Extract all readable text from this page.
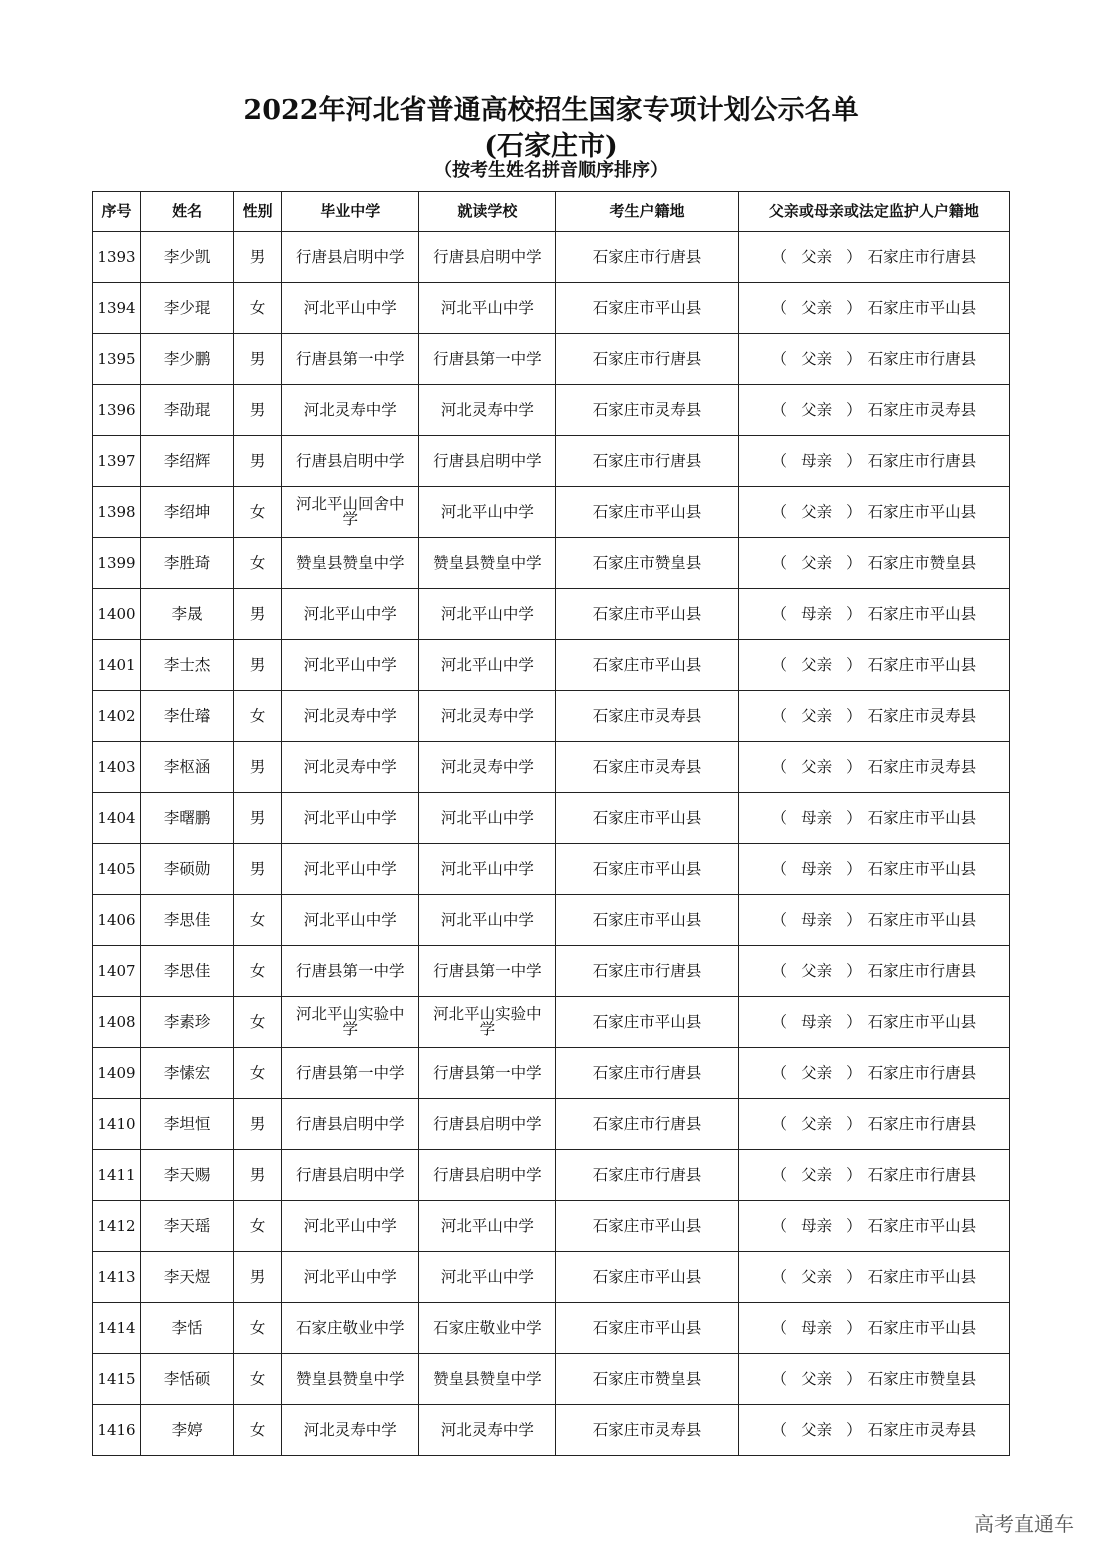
2022年河北省普通高校招生国家专项计划公示名单
(石家庄市)
（按考生姓名拼音顺序排序）
序号	姓名	性别	毕业中学	就读学校	考生户籍地	父亲或母亲或法定监护人户籍地
1393	李少凯	男	行唐县启明中学	行唐县启明中学	石家庄市行唐县	（ 父亲 ） 石家庄市行唐县
1394	李少琨	女	河北平山中学	河北平山中学	石家庄市平山县	（ 父亲 ） 石家庄市平山县
1395	李少鹏	男	行唐县第一中学	行唐县第一中学	石家庄市行唐县	（ 父亲 ） 石家庄市行唐县
1396	李劭琨	男	河北灵寿中学	河北灵寿中学	石家庄市灵寿县	（ 父亲 ） 石家庄市灵寿县
1397	李绍辉	男	行唐县启明中学	行唐县启明中学	石家庄市行唐县	（ 母亲 ） 石家庄市行唐县
1398	李绍坤	女	河北平山回舍中学	河北平山中学	石家庄市平山县	（ 父亲 ） 石家庄市平山县
1399	李胜琦	女	赞皇县赞皇中学	赞皇县赞皇中学	石家庄市赞皇县	（ 父亲 ） 石家庄市赞皇县
1400	李晟	男	河北平山中学	河北平山中学	石家庄市平山县	（ 母亲 ） 石家庄市平山县
1401	李士杰	男	河北平山中学	河北平山中学	石家庄市平山县	（ 父亲 ） 石家庄市平山县
1402	李仕璿	女	河北灵寿中学	河北灵寿中学	石家庄市灵寿县	（ 父亲 ） 石家庄市灵寿县
1403	李枢涵	男	河北灵寿中学	河北灵寿中学	石家庄市灵寿县	（ 父亲 ） 石家庄市灵寿县
1404	李曙鹏	男	河北平山中学	河北平山中学	石家庄市平山县	（ 母亲 ） 石家庄市平山县
1405	李硕勋	男	河北平山中学	河北平山中学	石家庄市平山县	（ 母亲 ） 石家庄市平山县
1406	李思佳	女	河北平山中学	河北平山中学	石家庄市平山县	（ 母亲 ） 石家庄市平山县
1407	李思佳	女	行唐县第一中学	行唐县第一中学	石家庄市行唐县	（ 父亲 ） 石家庄市行唐县
1408	李素珍	女	河北平山实验中学	河北平山实验中学	石家庄市平山县	（ 母亲 ） 石家庄市平山县
1409	李愫宏	女	行唐县第一中学	行唐县第一中学	石家庄市行唐县	（ 父亲 ） 石家庄市行唐县
1410	李坦恒	男	行唐县启明中学	行唐县启明中学	石家庄市行唐县	（ 父亲 ） 石家庄市行唐县
1411	李天赐	男	行唐县启明中学	行唐县启明中学	石家庄市行唐县	（ 父亲 ） 石家庄市行唐县
1412	李天瑶	女	河北平山中学	河北平山中学	石家庄市平山县	（ 母亲 ） 石家庄市平山县
1413	李天煜	男	河北平山中学	河北平山中学	石家庄市平山县	（ 父亲 ） 石家庄市平山县
1414	李恬	女	石家庄敬业中学	石家庄敬业中学	石家庄市平山县	（ 母亲 ） 石家庄市平山县
1415	李恬硕	女	赞皇县赞皇中学	赞皇县赞皇中学	石家庄市赞皇县	（ 父亲 ） 石家庄市赞皇县
1416	李婷	女	河北灵寿中学	河北灵寿中学	石家庄市灵寿县	（ 父亲 ） 石家庄市灵寿县
高考直通车
